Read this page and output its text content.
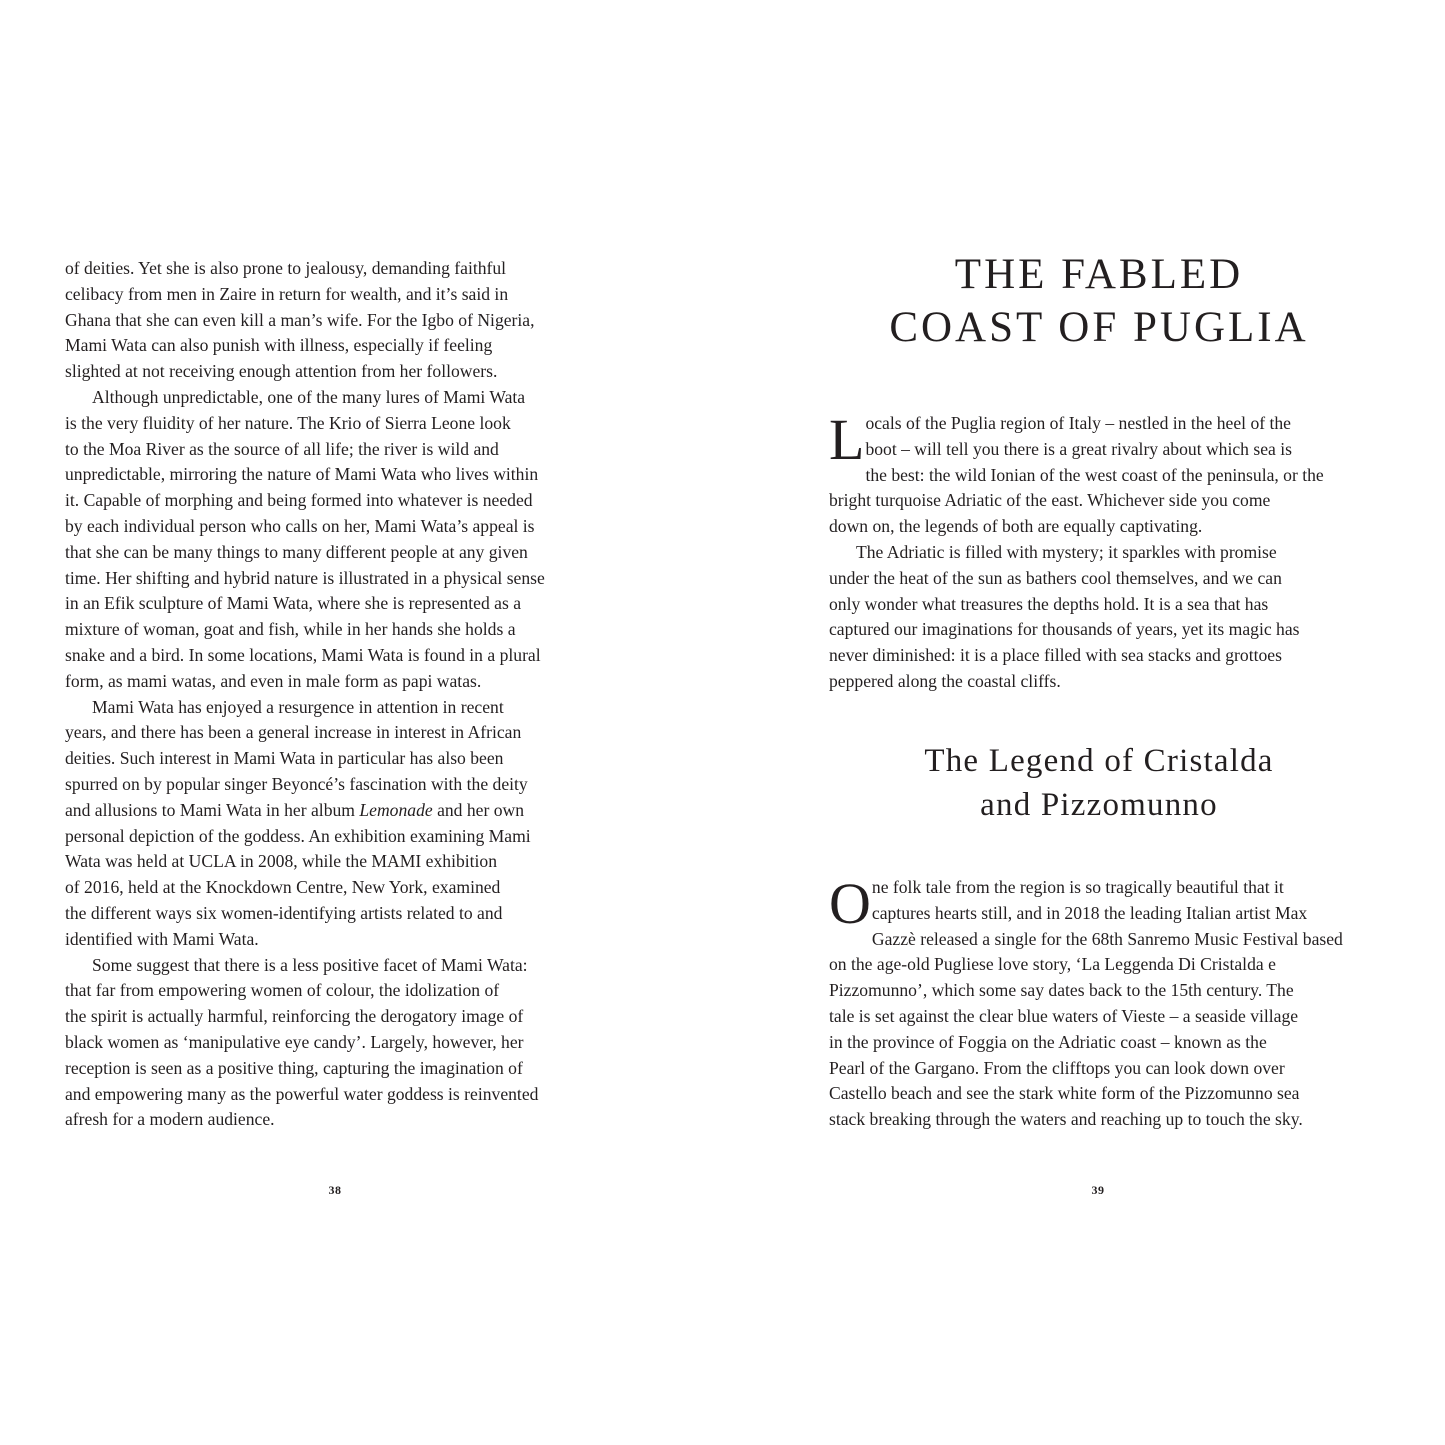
of deities. Yet she is also prone to jealousy, demanding faithful

celibacy from men in Zaire in return for wealth, and it’s said in

Ghana that she can even kill a man’s wife. For the Igbo of Nigeria,

Mami Wata can also punish with illness, especially if feeling

slighted at not receiving enough attention from her followers.

Although unpredictable, one of the many lures of Mami Wata

is the very fluidity of her nature. The Krio of Sierra Leone look

to the Moa River as the source of all life; the river is wild and

unpredictable, mirroring the nature of Mami Wata who lives within

it. Capable of morphing and being formed into whatever is needed

by each individual person who calls on her, Mami Wata’s appeal is

that she can be many things to many different people at any given

time. Her shifting and hybrid nature is illustrated in a physical sense

in an Efik sculpture of Mami Wata, where she is represented as a

mixture of woman, goat and fish, while in her hands she holds a

snake and a bird. In some locations, Mami Wata is found in a plural

form, as mami watas, and even in male form as papi watas.

Mami Wata has enjoyed a resurgence in attention in recent

years, and there has been a general increase in interest in African

deities. Such interest in Mami Wata in particular has also been

spurred on by popular singer Beyoncé’s fascination with the deity

and allusions to Mami Wata in her album Lemonade and her own

personal depiction of the goddess. An exhibition examining Mami

Wata was held at UCLA in 2008, while the MAMI exhibition

of 2016, held at the Knockdown Centre, New York, examined

the different ways six women-identifying artists related to and

identified with Mami Wata.

Some suggest that there is a less positive facet of Mami Wata:

that far from empowering women of colour, the idolization of

the spirit is actually harmful, reinforcing the derogatory image of

black women as ‘manipulative eye candy’. Largely, however, her

reception is seen as a positive thing, capturing the imagination of

and empowering many as the powerful water goddess is reinvented

afresh for a modern audience.

38
THE FABLED
COAST OF PUGLIA
L ocals of the Puglia region of Italy – nestled in the heel of the

boot – will tell you there is a great rivalry about which sea is

the best: the wild Ionian of the west coast of the peninsula, or the

bright turquoise Adriatic of the east. Whichever side you come

down on, the legends of both are equally captivating.

The Adriatic is filled with mystery; it sparkles with promise

under the heat of the sun as bathers cool themselves, and we can

only wonder what treasures the depths hold. It is a sea that has

captured our imaginations for thousands of years, yet its magic has

never diminished: it is a place filled with sea stacks and grottoes

peppered along the coastal cliffs.

The Legend of Cristalda
and Pizzomunno
O ne folk tale from the region is so tragically beautiful that it

captures hearts still, and in 2018 the leading Italian artist Max

Gazzè released a single for the 68th Sanremo Music Festival based

on the age-old Pugliese love story, ‘La Leggenda Di Cristalda e

Pizzomunno’, which some say dates back to the 15th century. The

tale is set against the clear blue waters of Vieste – a seaside village

in the province of Foggia on the Adriatic coast – known as the

Pearl of the Gargano. From the clifftops you can look down over

Castello beach and see the stark white form of the Pizzomunno sea

stack breaking through the waters and reaching up to touch the sky.

39
